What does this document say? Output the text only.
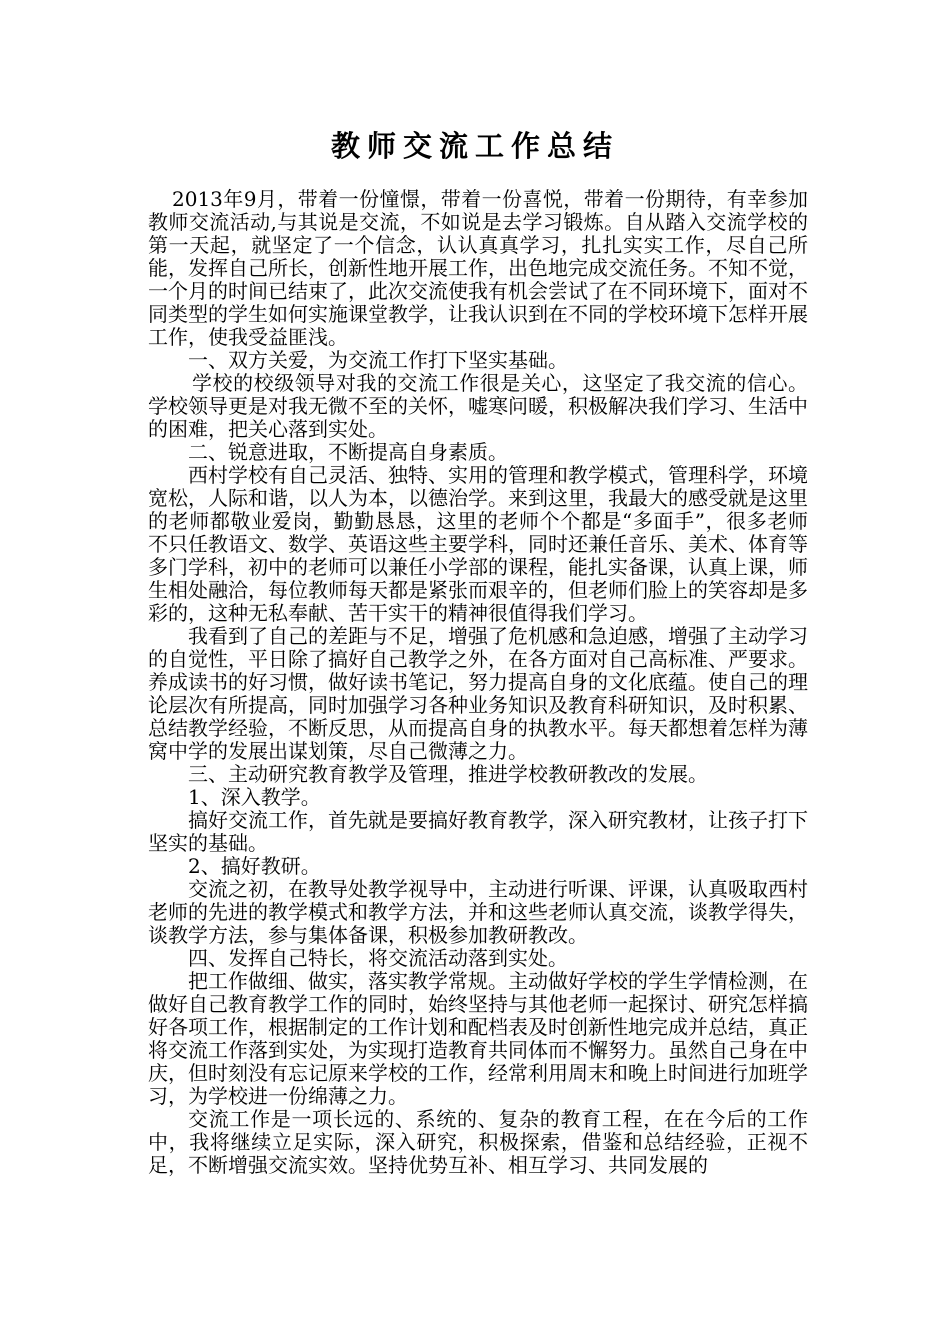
教师交流工作总结

2013年9月，带着一份憧憬，带着一份喜悦，带着一份期待，有幸参加教师交流活动,与其说是交流，不如说是去学习锻炼。自从踏入交流学校的第一天起，就坚定了一个信念，认认真真学习，扎扎实实工作，尽自己所能，发挥自己所长，创新性地开展工作，出色地完成交流任务。不知不觉，一个月的时间已结束了，此次交流使我有机会尝试了在不同环境下，面对不同类型的学生如何实施课堂教学，让我认识到在不同的学校环境下怎样开展工作，使我受益匪浅。

一、双方关爱，为交流工作打下坚实基础。

学校的校级领导对我的交流工作很是关心，这坚定了我交流的信心。学校领导更是对我无微不至的关怀，嘘寒问暖，积极解决我们学习、生活中的困难，把关心落到实处。

二、锐意进取，不断提高自身素质。

西村学校有自己灵活、独特、实用的管理和教学模式，管理科学，环境宽松，人际和谐，以人为本，以德治学。来到这里，我最大的感受就是这里的老师都敬业爱岗，勤勤恳恳，这里的老师个个都是“多面手”，很多老师不只任教语文、数学、英语这些主要学科，同时还兼任音乐、美术、体育等多门学科，初中的老师可以兼任小学部的课程，能扎实备课，认真上课，师生相处融洽，每位教师每天都是紧张而艰辛的，但老师们脸上的笑容却是多彩的，这种无私奉献、苦干实干的精神很值得我们学习。

我看到了自己的差距与不足，增强了危机感和急迫感，增强了主动学习的自觉性，平日除了搞好自己教学之外，在各方面对自己高标准、严要求。养成读书的好习惯，做好读书笔记，努力提高自身的文化底蕴。使自己的理论层次有所提高，同时加强学习各种业务知识及教育科研知识，及时积累、总结教学经验，不断反思，从而提高自身的执教水平。每天都想着怎样为薄窝中学的发展出谋划策，尽自己微薄之力。

三、主动研究教育教学及管理，推进学校教研教改的发展。

1、深入教学。

搞好交流工作，首先就是要搞好教育教学，深入研究教材，让孩子打下坚实的基础。

2、搞好教研。

交流之初，在教导处教学视导中，主动进行听课、评课，认真吸取西村老师的先进的教学模式和教学方法，并和这些老师认真交流，谈教学得失，谈教学方法，参与集体备课，积极参加教研教改。

四、发挥自己特长，将交流活动落到实处。

把工作做细、做实，落实教学常规。主动做好学校的学生学情检测，在做好自己教育教学工作的同时，始终坚持与其他老师一起探讨、研究怎样搞好各项工作，根据制定的工作计划和配档表及时创新性地完成并总结，真正将交流工作落到实处，为实现打造教育共同体而不懈努力。虽然自己身在中庆，但时刻没有忘记原来学校的工作，经常利用周末和晚上时间进行加班学习，为学校进一份绵薄之力。

交流工作是一项长远的、系统的、复杂的教育工程，在在今后的工作中，我将继续立足实际，深入研究，积极探索，借鉴和总结经验，正视不足，不断增强交流实效。坚持优势互补、相互学习、共同发展的
